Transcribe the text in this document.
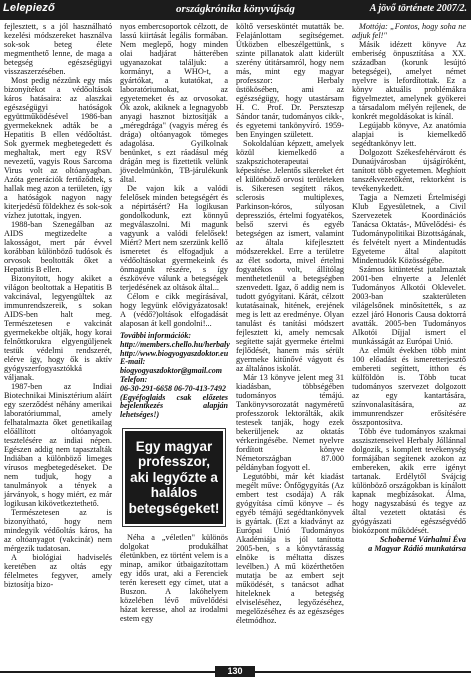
Lelepiező	országkrónika könyvújság	A jövő története 2007/2.

fejlesztett, s a jól használható kezelési módszereket használva sok-sok beteg élete megmenthető lenne, de maga a betegség egészségügyi visszaszerzésében.

Most pedig nézzünk egy más bizonyítékot a védőoltások káros hatásaira: az alaszkai egészségügyi hatóságok együttműködésével 1986-ban gyermekeknek adták be a Hepatitis B ellen védőoltást. Sok gyermek megbetegedett és meghaltak, mert egy RSV nevezetű, vagyis Rous Sarcoma Virus volt az oltóanyagban. Azóta generációk fertőződtek, s hallak meg azon a területen, így a hatóságok nagyon nagy kiterjedésű földekhez és sok-sok vízhez jutottak, ingyen.

1988-ban Szenegálban az AIDS megtizedelte a lakosságot, mert pár évvel korábban különböző tudósok és orvosok beoltották őket a Hepatitis B ellen.

Bizonyított, hogy akiket a világon beoltottak a Hepatitis B vakcinával, legyengültek az immunrendszereik, s sokan AIDS-ben halt meg. Természetesen e vakcinát gyermekekbe oltják, hogy korai felnőttkorukra elgyengüljenek testük védelmi rendszerét, elérve így, hogy ők is aktív gyógyszerfogyasztókká váljanak.

1987-ben az Indiai Biotechnikai Minisztérium aláírt egy szerződést néhány amerikai laboratóriummal, amely felhatalmazta őket genetikailag előállított oltóanyagok tesztelésére az indiai népen. Egészen addig nem tapasztalták Indiában a különböző limeges vírusos megbetegedéseket. De nem tudjuk, hogy a tanulmányok a tények a járványok, s hogy miért, ez már logikusan kikövetkeztethető.

Természetesen az is bizonyítható, hogy nem mindegyik védőoltás káros, ha az oltóanyagot (vakcinát) nem mérgezik tudatosan.

A biológiai hadviselés keretében az oltás egy félelmetes fegyver, amely biztosítja bizo-

nyos embercsoportok célzott, de lassú kiirtását legális formában. Nem meglepő, hogy minden olai hadjárat hátterében ugyanazokat találjuk: a kormányt, a WHO-t, a gyártókat, a kutatókat, a laboratóriumokat, az egyetemeket és az orvosokat. Ők azok, akiknek a legnagyobb anyagi hasznot biztosítják a „méregdrága" (vagyis méreg és drága) oltóanyagok tömeges adagolása. Gyilkolnak benünket, s ezt ráadásul még drágán meg is fizettetik velünk jövedelmünkön, TB-járulékunk által.

De vajon kik a valódi felelősek minden betegségért és a népirtásért? Ha logikusan gondolkodunk, ezt könnyű megválaszolni. Mi magunk vagyunk a valódi felelősek! Miért? Mert nem szerzünk kellő ismeretet és elfogadjuk a védőoltásokat gyermekeink és önmagunk részére, s így észkövéve válunk a betegségek terjedésének az oltások által...

Célom e cikk megírásával, hogy legyünk elővigyázatosak! A (védő?)oltások elfogadását alaposan át kell gondolni!...

További információk:
http://members.chello.hu/herbaly
http://www.biogyogyaszdoktor.eu
E-mail:
biogyogyaszdoktor@gmail.com
Telefon:
06-30-291-6658 06-70-413-7492
(Egyéfoglaids csak előzetes bejelentkezés alapján lehetséges!)
Egy magyar professzor, aki legyőzte a halálos betegségeket!

Néha a „véletlen" különös dolgokat produkálhat életünkben, ez történt velem is a minap, amikor útbaigazítottam egy idős urat, aki a Ferenciek terén keresett egy címet, utat a Buszon. A lakóhelyem közelében lévő művelődési házat keresse, ahol az irodalmi estem egy

költő versesköntét mutatták be. Felajánlottam segítségemet. Útközben elbeszélgettünk, s szinte pillanatok alatt kiderült szerény útitársamról, hogy nem más, mint egy magyar professzor: Herbaly üstökösében, ami az egészségügy, hogy utastársam H. C. Prof. Dr. Perszteszp Sándor tanár, tudományos cikk-, és egyetemi tankönyvíró. 1959-ben Enyingen született.

Sokoldalúan képzett, amelyek közül kiemelkedő a szakpszichoterapeutai képesítése. Jelentős sikereket ért el különböző orvosi területeken is. Sikeresen segített rákos, sclerosis multiplexes, Parkinson-kóros, súlyosan depressziós, értelmi fogyatékos, belső szervi és egyéb betegségen az ismert, valamint az általa kifejlesztett módszerekkel. Erre a területre az élet sodorta, mivel értelmi fogyatékos volt, állítólag menthetetlenül a betegségben szenvedett. Igaz, ő addig nem is tudott gyógyítani. Kárát, célzott kutatásainak, hitének, erejének meg is lett az eredménye. Olyan tanulást és tanítási módszert fejlesztett ki, amely nemcsak segítette saját gyermeke értelmi fejlődését, hanem más sérült gyermeke kitűnővé vágyott és az általános iskolát.

Már 13 könyve jelent meg 31 kiadásban, többségében tudományos témájú. Tankönyvsorozatát nagyméretű professzorok lektorálták, akik testesek tanják, hogy ezek bekerüljenek az oktatás vérkeringésébe. Nemet nyelvre fordított könyve Németországban 87.000 példányban fogyott el.

Legutóbbi, már két kiadást megélt műve: Önfőgygyítás (Az embert test csodája) A rák gyógyítása című könyve – és egyéb témájú segédtankönyvek is gyártak. (Ezt a kiadványt az Európai Unió Tudományos Akadémiája is jól tanította 2005-ben, s a könyvtárasság elnöke is méltatta díszes levélben.) A mű közérthetően mutatja be az embert sejt működését, s tanácsot adhat hiteleknek a betegség elviseléséhez, legyőzéséhez, megelőzéséhez és az egészséges életmódhoz.

Mottója: „Fontos, hogy soha ne adjuk fel!"

Másik idézett könyve Az emberiség önpusztítása a XX. században (korunk lesújtó betegségei), amelyet német nyelvre is lefordítottak. Ez a könyv aktuális problémákra figyelmeztet, amelynek gyökerei a társadalom mélyén rejlenek, de konkrét megoldásokat is kínál.

Legújabb könyve, Az anatómia alapjai is kiemelkedő segédtankönyv lett.

Dolgozott Székesfehérvárott és Dunaújvárosban újságíróként, tanított több egyetemen. Meghíott tanszékvezetőként, rektorként is tevékenykedett.

Tagja a Nemzeti Értelmiségi Klub Egyesületnek, a Civil Szervezetek Koordinációs Tanácsa Oktatás-, Művelődési- és Tudománypolitikai Bizottságának, és felvételt nyert a Mindentudás Egyeteme által alapított Mindentudók Közösségébe.

Számos kitüntetést jutalmaztak 2001-ben elnyerte a Jelenlét Tudományos Alkotói Oklevelet. 2003-ban szakterületen világelsőnek minősítették, s az ezzel járó Honoris Causa doktorrá avatták. 2005-ben Tudományos Alkotói Díjjal ismert el munkásságát az Európai Unió.

Az elmúlt években több mint 100 előadást és ismeretterjesztő embereti segíttett, itthon és külföldön is. Több tucat tudományos szervezet dolgozott az egy kantartására, színvonalasítására, az immunrendszer erősítésére összpontosítva.

Több éve tudományos szakmai asszisztenseivel Herbaly Jóllánnal dolgozik, s komplett tevékenység formájában segítenek azokon az embereken, akik erre igényt tartanak. Erdélytől Svájcig különböző országokban is kínálott kapnak megbízásokat. Álma, hogy nagyszabású és tegye az által vezetett oktatási és gyógyászati egészségvédő biokózpont működését.

Schoberné Várhalmi Éva

a Magyar Rádió munkatársa

130
